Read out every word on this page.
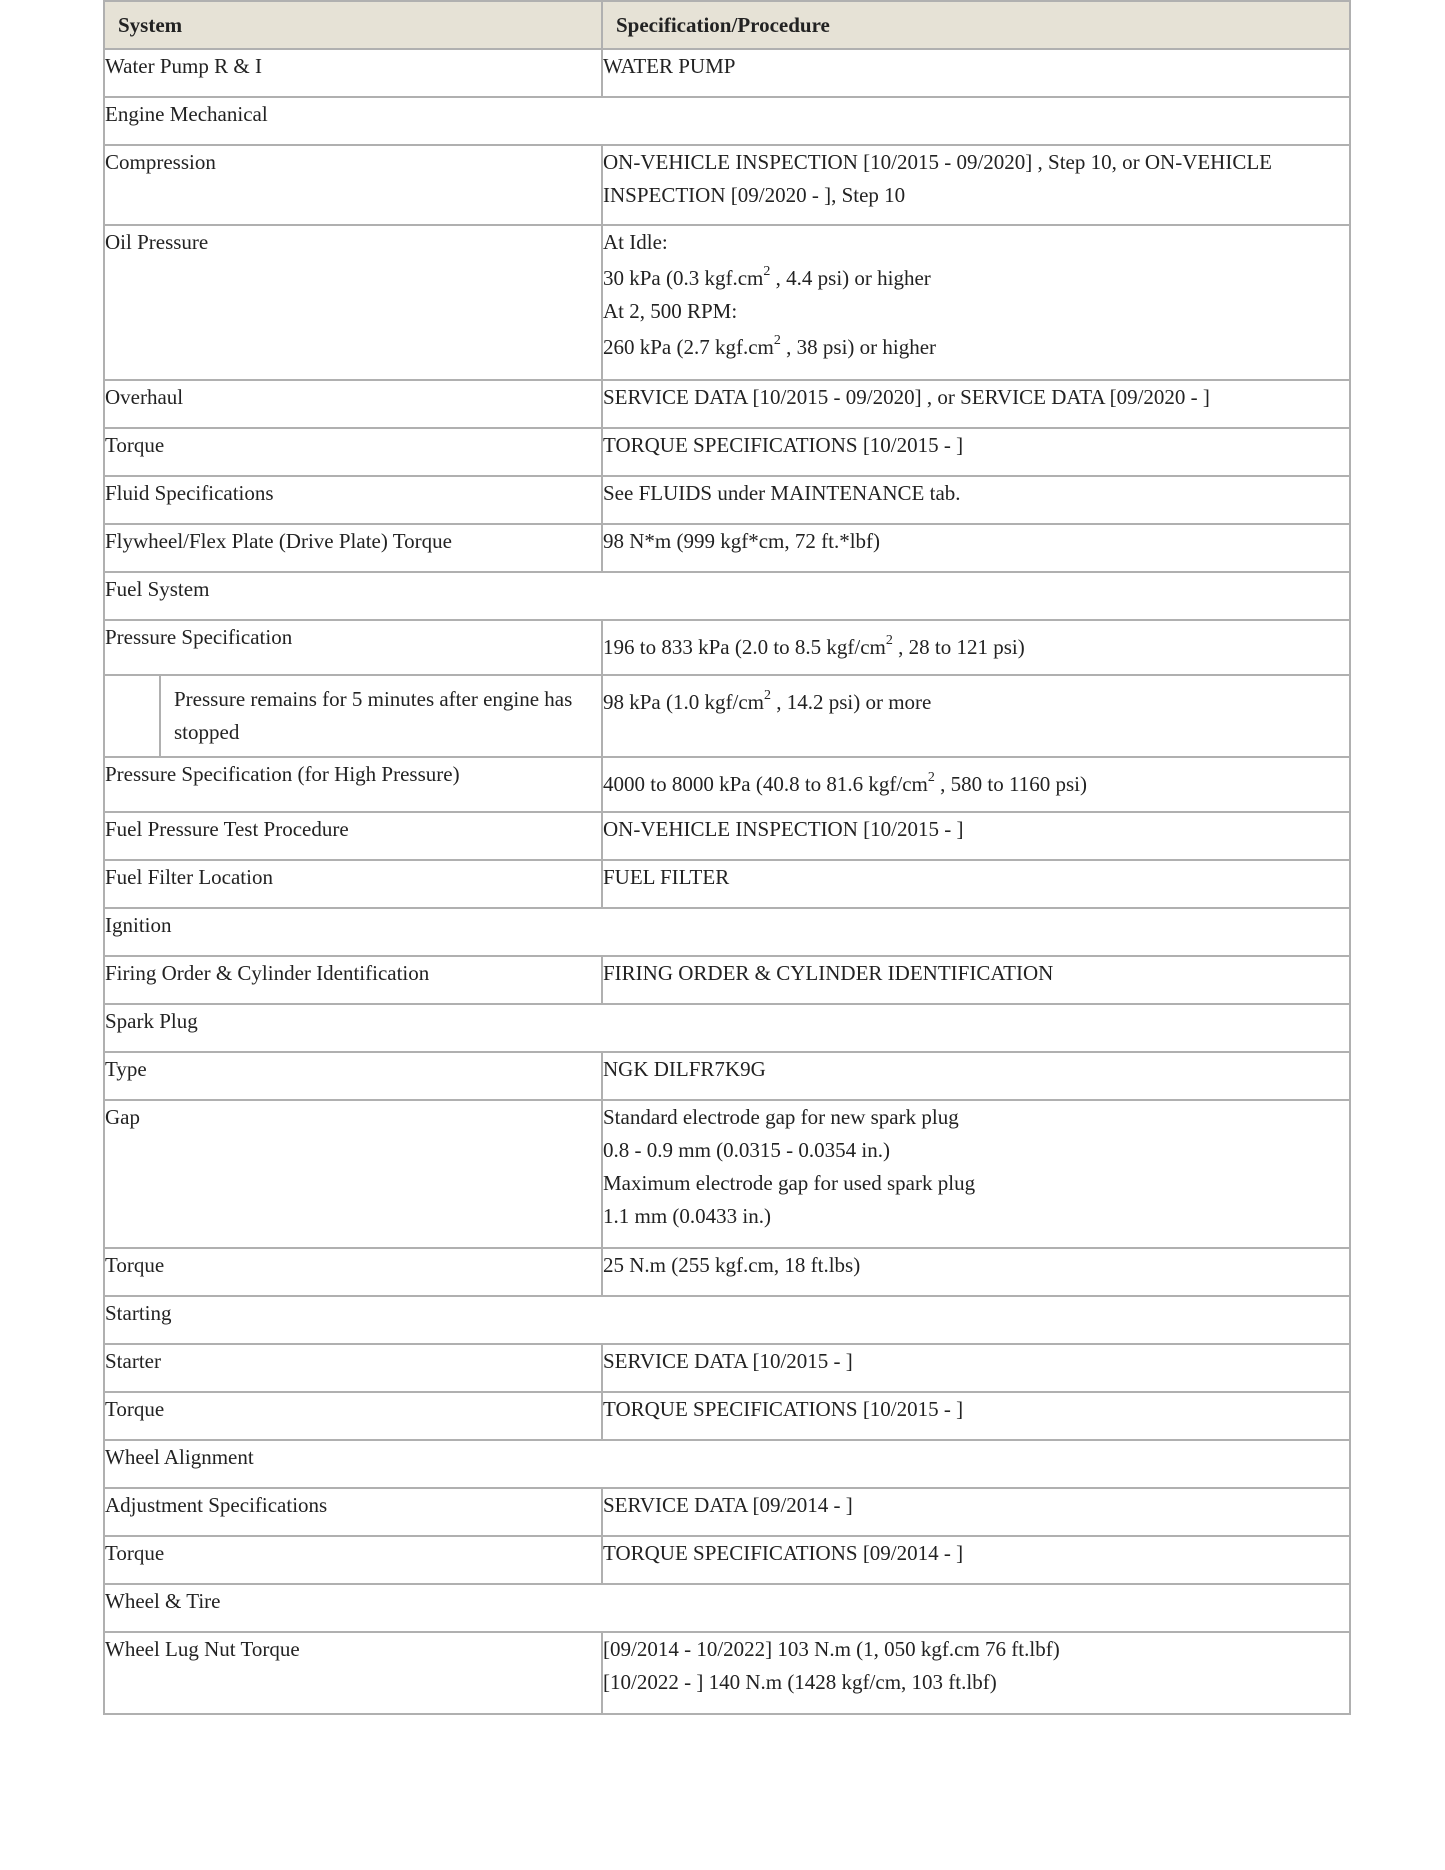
System	Specification/Procedure
Water Pump R & I	WATER PUMP
Engine Mechanical	
Compression	ON-VEHICLE INSPECTION [10/2015 - 09/2020] , Step 10, or ON-VEHICLE
INSPECTION [09/2020 - ], Step 10

Oil Pressure	At Idle:
30 kPa (0.3 $kgf.cm^2$ , 4.4 psi) or higher
At 2, 500 RPM:
260 kPa (2.7 $kgf.cm^2$ , 38 psi) or higher

Overhaul	SERVICE DATA [10/2015 - 09/2020] , or SERVICE DATA [09/2020 - ]
Torque	TORQUE SPECIFICATIONS [10/2015 - ]
Fluid Specifications	See FLUIDS under MAINTENANCE tab.
Flywheel/Flex Plate (Drive Plate) Torque	98 N*m (999 kgf*cm, 72 ft.*lbf)
Fuel System	
Pressure Specification	196 to 833 kPa (2.0 to 8.5 kgf/$cm^2$ , 28 to 121 psi)

Pressure remains for 5 minutes after engine has stopped	98 kPa (1.0 kgf/$cm^2$ , 14.2 psi) or more
Pressure Specification (for High Pressure)	4000 to 8000 kPa (40.8 to 81.6 kgf/$cm^2$ , 580 to 1160 psi)
Fuel Pressure Test Procedure	ON-VEHICLE INSPECTION [10/2015 - ]
Fuel Filter Location	FUEL FILTER
Ignition	
Firing Order & Cylinder Identification	FIRING ORDER & CYLINDER IDENTIFICATION
Spark Plug	
Type	NGK DILFR7K9G
Gap	Standard electrode gap for new spark plug
0.8 - 0.9 mm (0.0315 - 0.0354 in.)
Maximum electrode gap for used spark plug
1.1 mm (0.0433 in.)

Torque	25 N.m (255 kgf.cm, 18 ft.lbs)
Starting	
Starter	SERVICE DATA [10/2015 - ]
Torque	TORQUE SPECIFICATIONS [10/2015 - ]
Wheel Alignment	
Adjustment Specifications	SERVICE DATA [09/2014 - ]
Torque	TORQUE SPECIFICATIONS [09/2014 - ]
Wheel & Tire	
Wheel Lug Nut Torque	[09/2014 - 10/2022] 103 N.m (1, 050 kgf.cm 76 ft.lbf)
[10/2022 - ] 140 N.m (1428 kgf/cm, 103 ft.lbf)
